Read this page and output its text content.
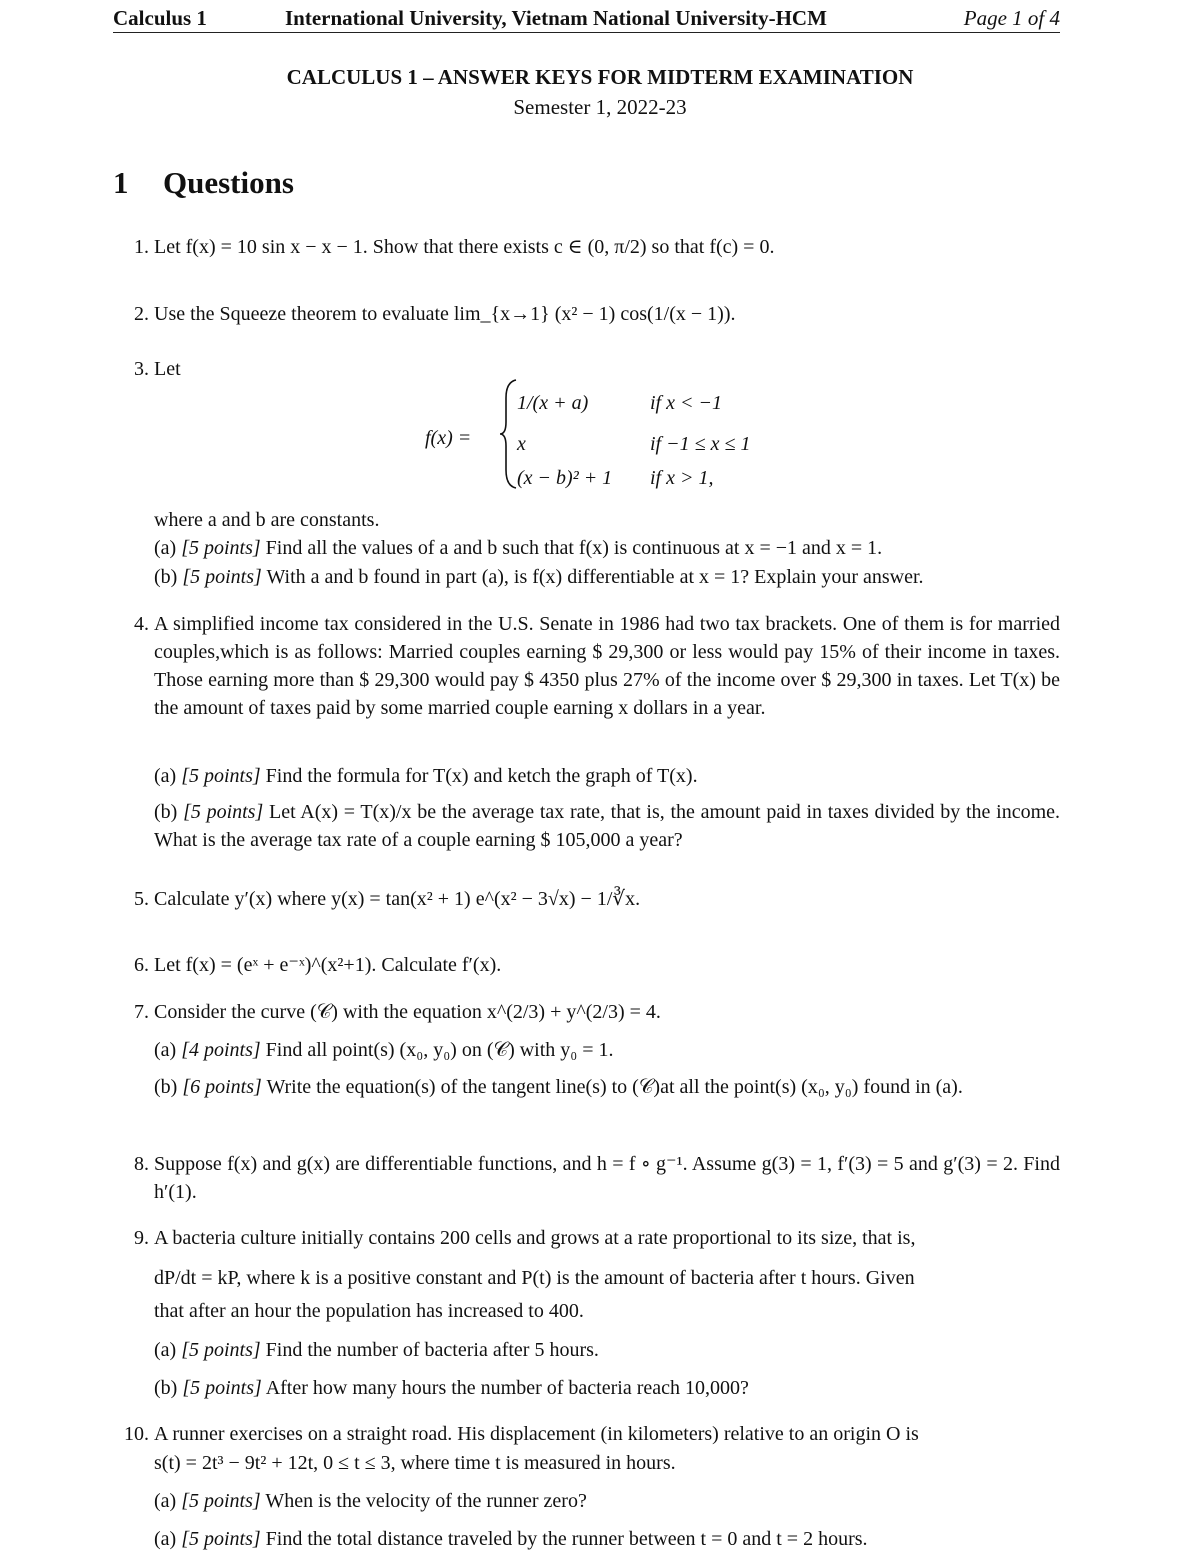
Calculus 1	International University, Vietnam National University-HCM	Page 1 of 4
CALCULUS 1 – ANSWER KEYS FOR MIDTERM EXAMINATION
Semester 1, 2022-23
1 Questions
1. Let f(x) = 10 sin x − x − 1. Show that there exists c ∈ (0, π/2) so that f(c) = 0.
2. Use the Squeeze theorem to evaluate lim_{x→1} (x² − 1) cos(1/(x − 1)).
3. Let
f(x) =
1/(x + a)	if x < −1
x	if −1 ≤ x ≤ 1
(x − b)² + 1 if x > 1,
where a and b are constants.
(a) [5 points] Find all the values of a and b such that f(x) is continuous at x = −1 and x = 1.
(b) [5 points] With a and b found in part (a), is f(x) differentiable at x = 1? Explain your answer.
4. A simplified income tax considered in the U.S. Senate in 1986 had two tax brackets. One of them is for married couples,which is as follows: Married couples earning $ 29,300 or less would pay 15% of their income in taxes. Those earning more than $ 29,300 would pay $ 4350 plus 27% of the income over $ 29,300 in taxes. Let T(x) be the amount of taxes paid by some married couple earning x dollars in a year.
(a) [5 points] Find the formula for T(x) and ketch the graph of T(x).
(b) [5 points] Let A(x) = T(x)/x be the average tax rate, that is, the amount paid in taxes divided by the income. What is the average tax rate of a couple earning $ 105,000 a year?
5. Calculate y′(x) where y(x) = tan(x² + 1) e^(x² − 3√x) − 1/∛x.
6. Let f(x) = (eˣ + e⁻ˣ)^(x²+1). Calculate f′(x).
7. Consider the curve (𝒞) with the equation x^(2/3) + y^(2/3) = 4.
(a) [4 points] Find all point(s) (x₀, y₀) on (𝒞) with y₀ = 1.
(b) [6 points] Write the equation(s) of the tangent line(s) to (𝒞)at all the point(s) (x₀, y₀) found in (a).
8. Suppose f(x) and g(x) are differentiable functions, and h = f ∘ g⁻¹. Assume g(3) = 1, f′(3) = 5 and g′(3) = 2. Find h′(1).
9. A bacteria culture initially contains 200 cells and grows at a rate proportional to its size, that is,
dP/dt = kP, where k is a positive constant and P(t) is the amount of bacteria after t hours. Given
that after an hour the population has increased to 400.
(a) [5 points] Find the number of bacteria after 5 hours.
(b) [5 points] After how many hours the number of bacteria reach 10,000?
10. A runner exercises on a straight road. His displacement (in kilometers) relative to an origin O is
s(t) = 2t³ − 9t² + 12t, 0 ≤ t ≤ 3, where time t is measured in hours.
(a) [5 points] When is the velocity of the runner zero?
(a) [5 points] Find the total distance traveled by the runner between t = 0 and t = 2 hours.
